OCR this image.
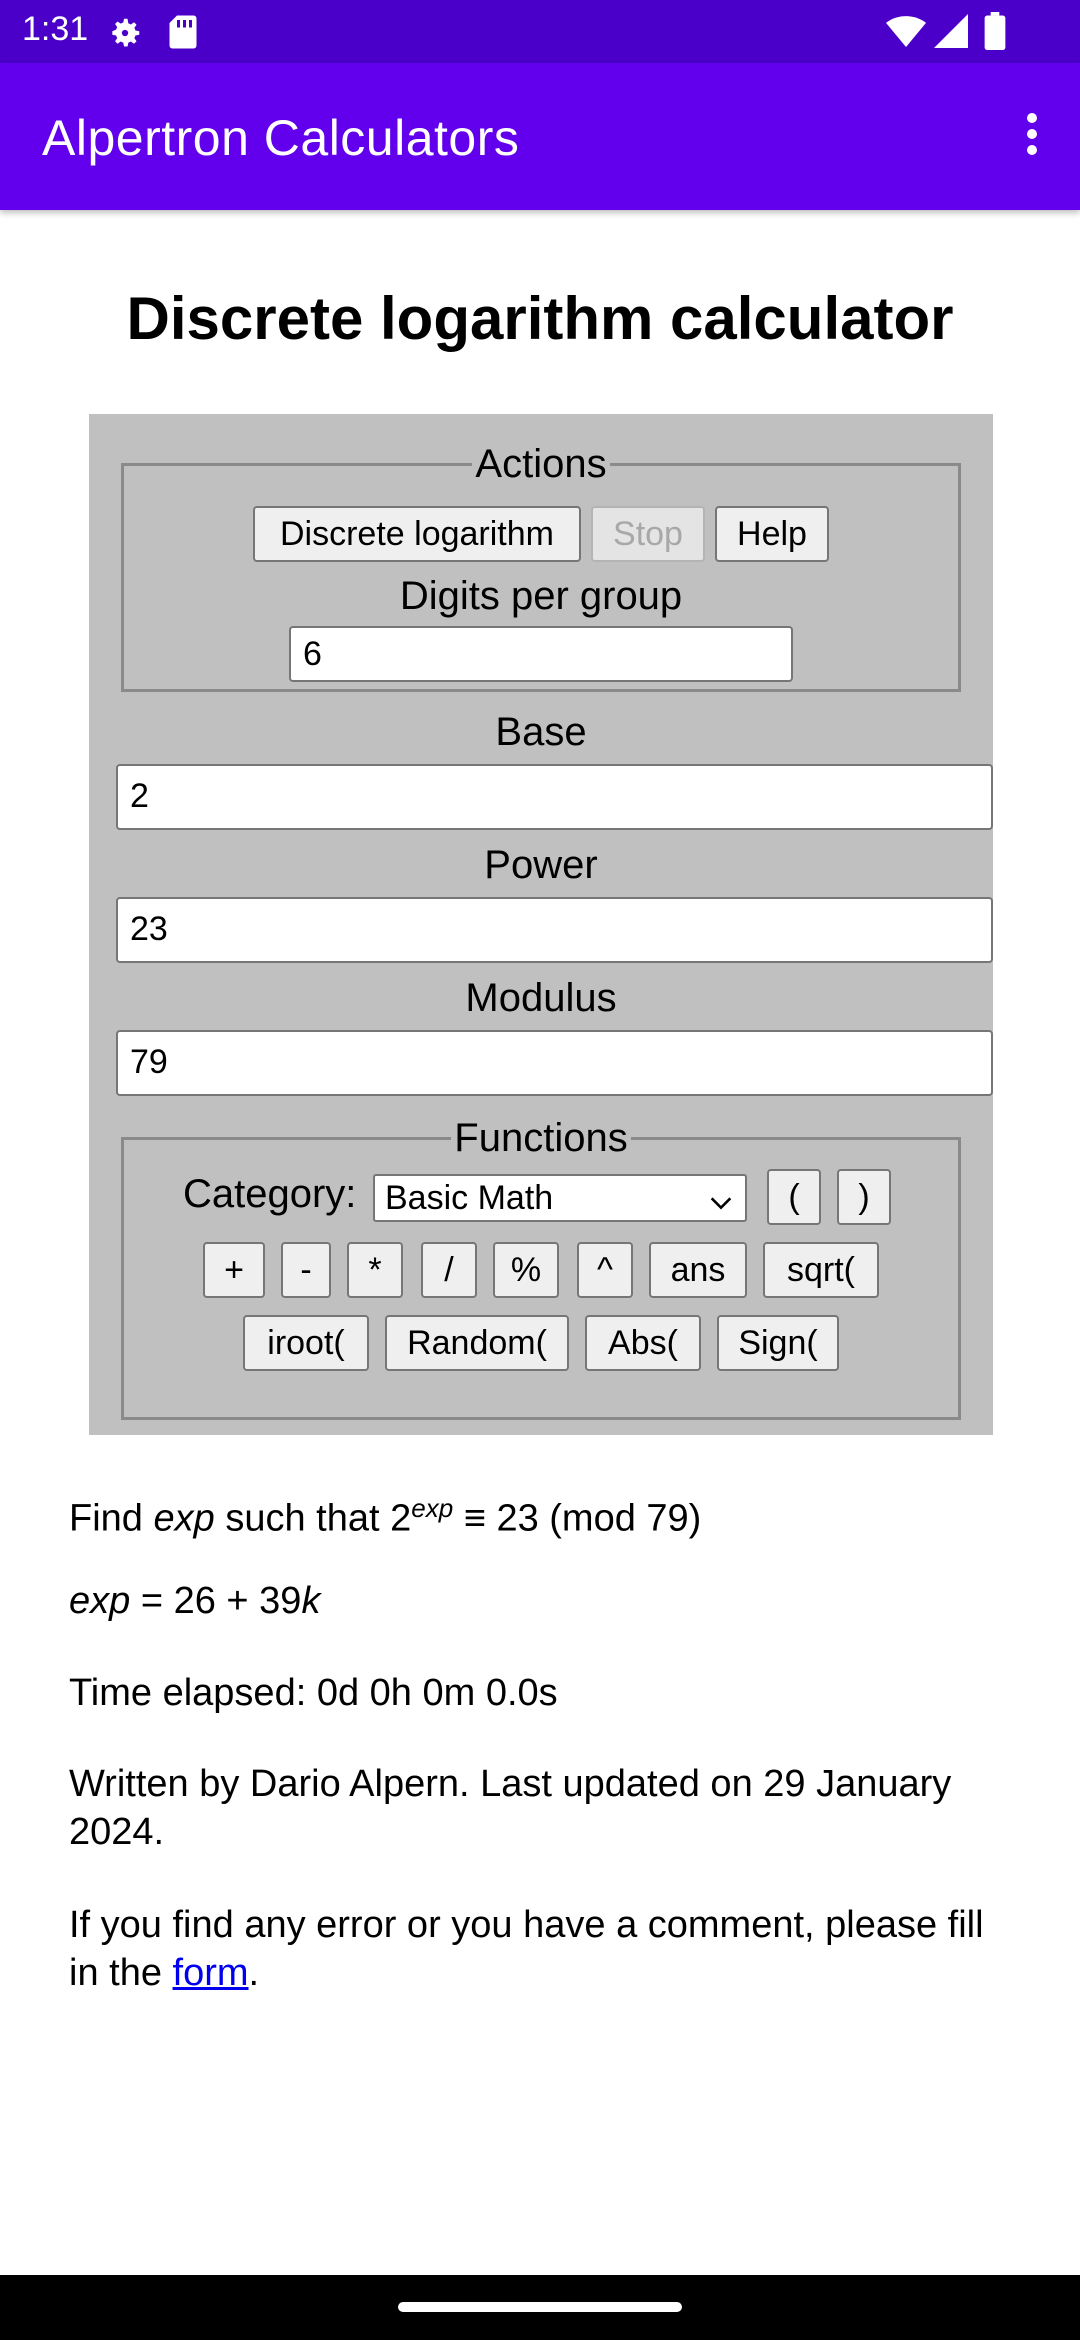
1:31
Alpertron Calculators
Discrete logarithm calculator
Actions
Discrete logarithm	Stop	Help
Digits per group
6
Base
2
Power
23
Modulus
79
Functions
Category: Basic Math	(	)
+	-	*	/	%	^	ans	sqrt(
iroot(	Random(	Abs(	Sign(
Find exp such that $2^{exp} \equiv 23$ (mod 79)
exp = 26 + 39k
Time elapsed: 0d 0h 0m 0.0s
Written by Dario Alpern. Last updated on 29 January 2024.
If you find any error or you have a comment, please fill in the form.
